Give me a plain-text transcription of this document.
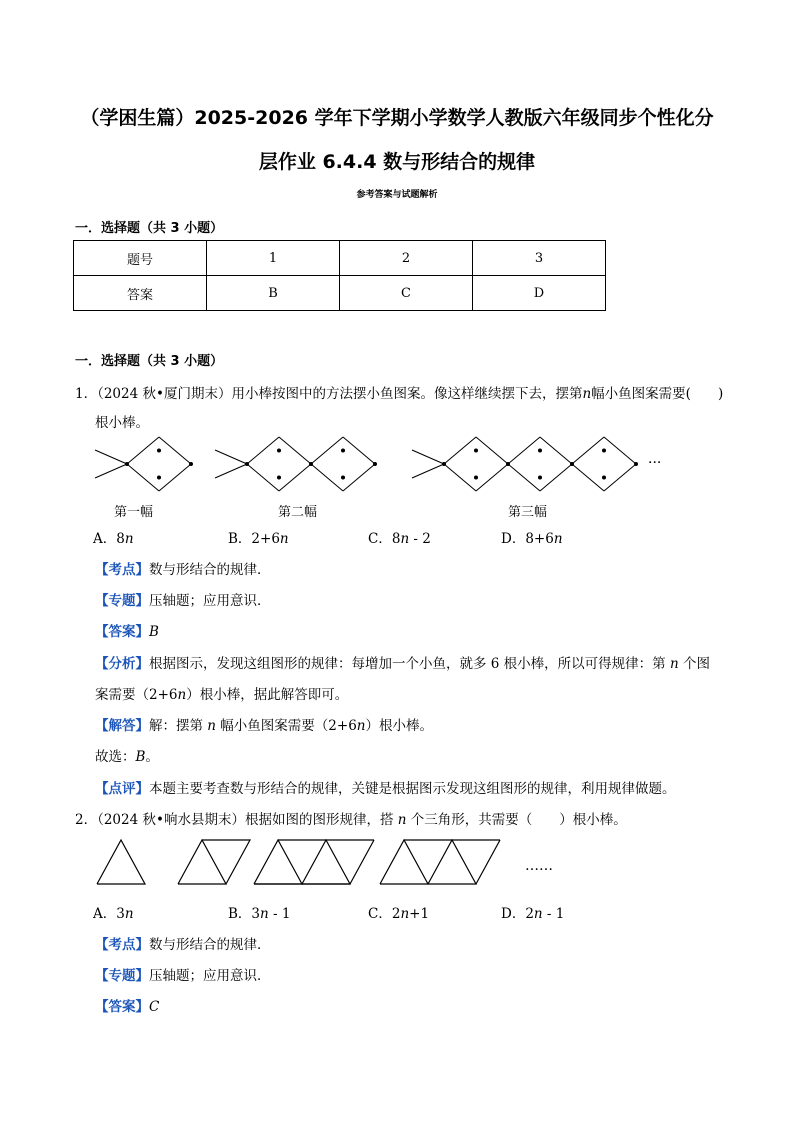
（学困生篇）2025-2026 学年下学期小学数学人教版六年级同步个性化分
层作业 6.4.4 数与形结合的规律
参考答案与试题解析
一．选择题（共 3 小题）
题号	1	2	3
答案	B	C	D
一．选择题（共 3 小题）
1．（2024 秋•厦门期末）用小棒按图中的方法摆小鱼图案。像这样继续摆下去，摆第n幅小鱼图案需要(　　)
根小棒。
···
第一幅	第二幅	第三幅
A．8n	B．2+6n	C．8n - 2	D．8+6n
【考点】数与形结合的规律．
【专题】压轴题；应用意识．
【答案】B
【分析】根据图示，发现这组图形的规律：每增加一个小鱼，就多 6 根小棒，所以可得规律：第 n 个图
案需要（2+6n）根小棒，据此解答即可。
【解答】解：摆第 n 幅小鱼图案需要（2+6n）根小棒。
故选：B。
【点评】本题主要考查数与形结合的规律，关键是根据图示发现这组图形的规律，利用规律做题。
2．（2024 秋•响水县期末）根据如图的图形规律，搭 n 个三角形，共需要（　　）根小棒。
……
A．3n	B．3n - 1	C．2n+1	D．2n - 1
【考点】数与形结合的规律．
【专题】压轴题；应用意识．
【答案】C
